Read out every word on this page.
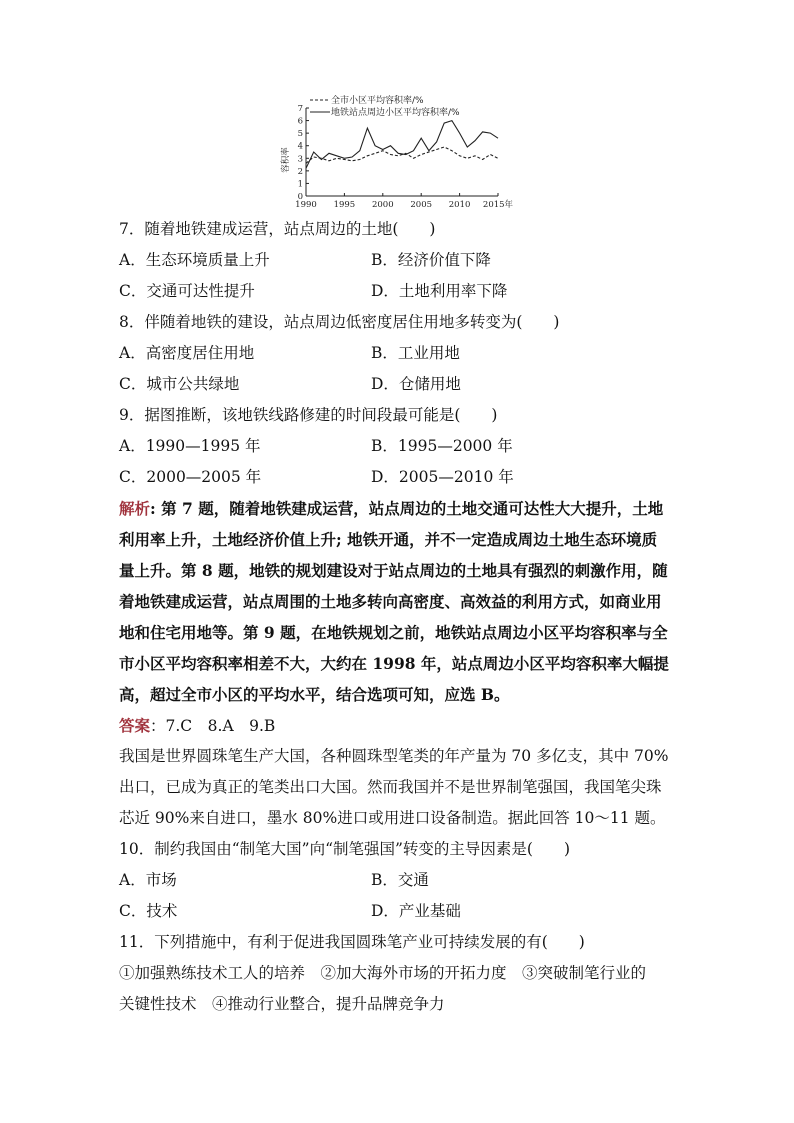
全市小区平均容积率/%
地铁站点周边小区平均容积率/%
0
1
2
3
4
5
6
7
1990 1995 2000 2005 2010 2015年
容积率
7．随着地铁建成运营，站点周边的土地(　　)
A．生态环境质量上升	B．经济价值下降
C．交通可达性提升	D．土地利用率下降
8．伴随着地铁的建设，站点周边低密度居住用地多转变为(　　)
A．高密度居住用地	B．工业用地
C．城市公共绿地	D．仓储用地
9．据图推断，该地铁线路修建的时间段最可能是(　　)
A．1990—1995 年	B．1995—2000 年
C．2000—2005 年	D．2005—2010 年
解析: 第 7 题，随着地铁建成运营，站点周边的土地交通可达性大大提升，土地
利用率上升，土地经济价值上升; 地铁开通，并不一定造成周边土地生态环境质
量上升。第 8 题，地铁的规划建设对于站点周边的土地具有强烈的刺激作用，随
着地铁建成运营，站点周围的土地多转向高密度、高效益的利用方式，如商业用
地和住宅用地等。第 9 题，在地铁规划之前，地铁站点周边小区平均容积率与全
市小区平均容积率相差不大，大约在 1998 年，站点周边小区平均容积率大幅提
高，超过全市小区的平均水平，结合选项可知，应选 B。
答案：7.C　8.A　9.B
我国是世界圆珠笔生产大国，各种圆珠型笔类的年产量为 70 多亿支，其中 70%
出口，已成为真正的笔类出口大国。然而我国并不是世界制笔强国，我国笔尖珠
芯近 90%来自进口，墨水 80%进口或用进口设备制造。据此回答 10～11 题。
10．制约我国由“制笔大国”向“制笔强国”转变的主导因素是(　　)
A．市场	B．交通
C．技术	D．产业基础
11．下列措施中，有利于促进我国圆珠笔产业可持续发展的有(　　)
①加强熟练技术工人的培养　②加大海外市场的开拓力度　③突破制笔行业的
关键性技术　④推动行业整合，提升品牌竞争力
